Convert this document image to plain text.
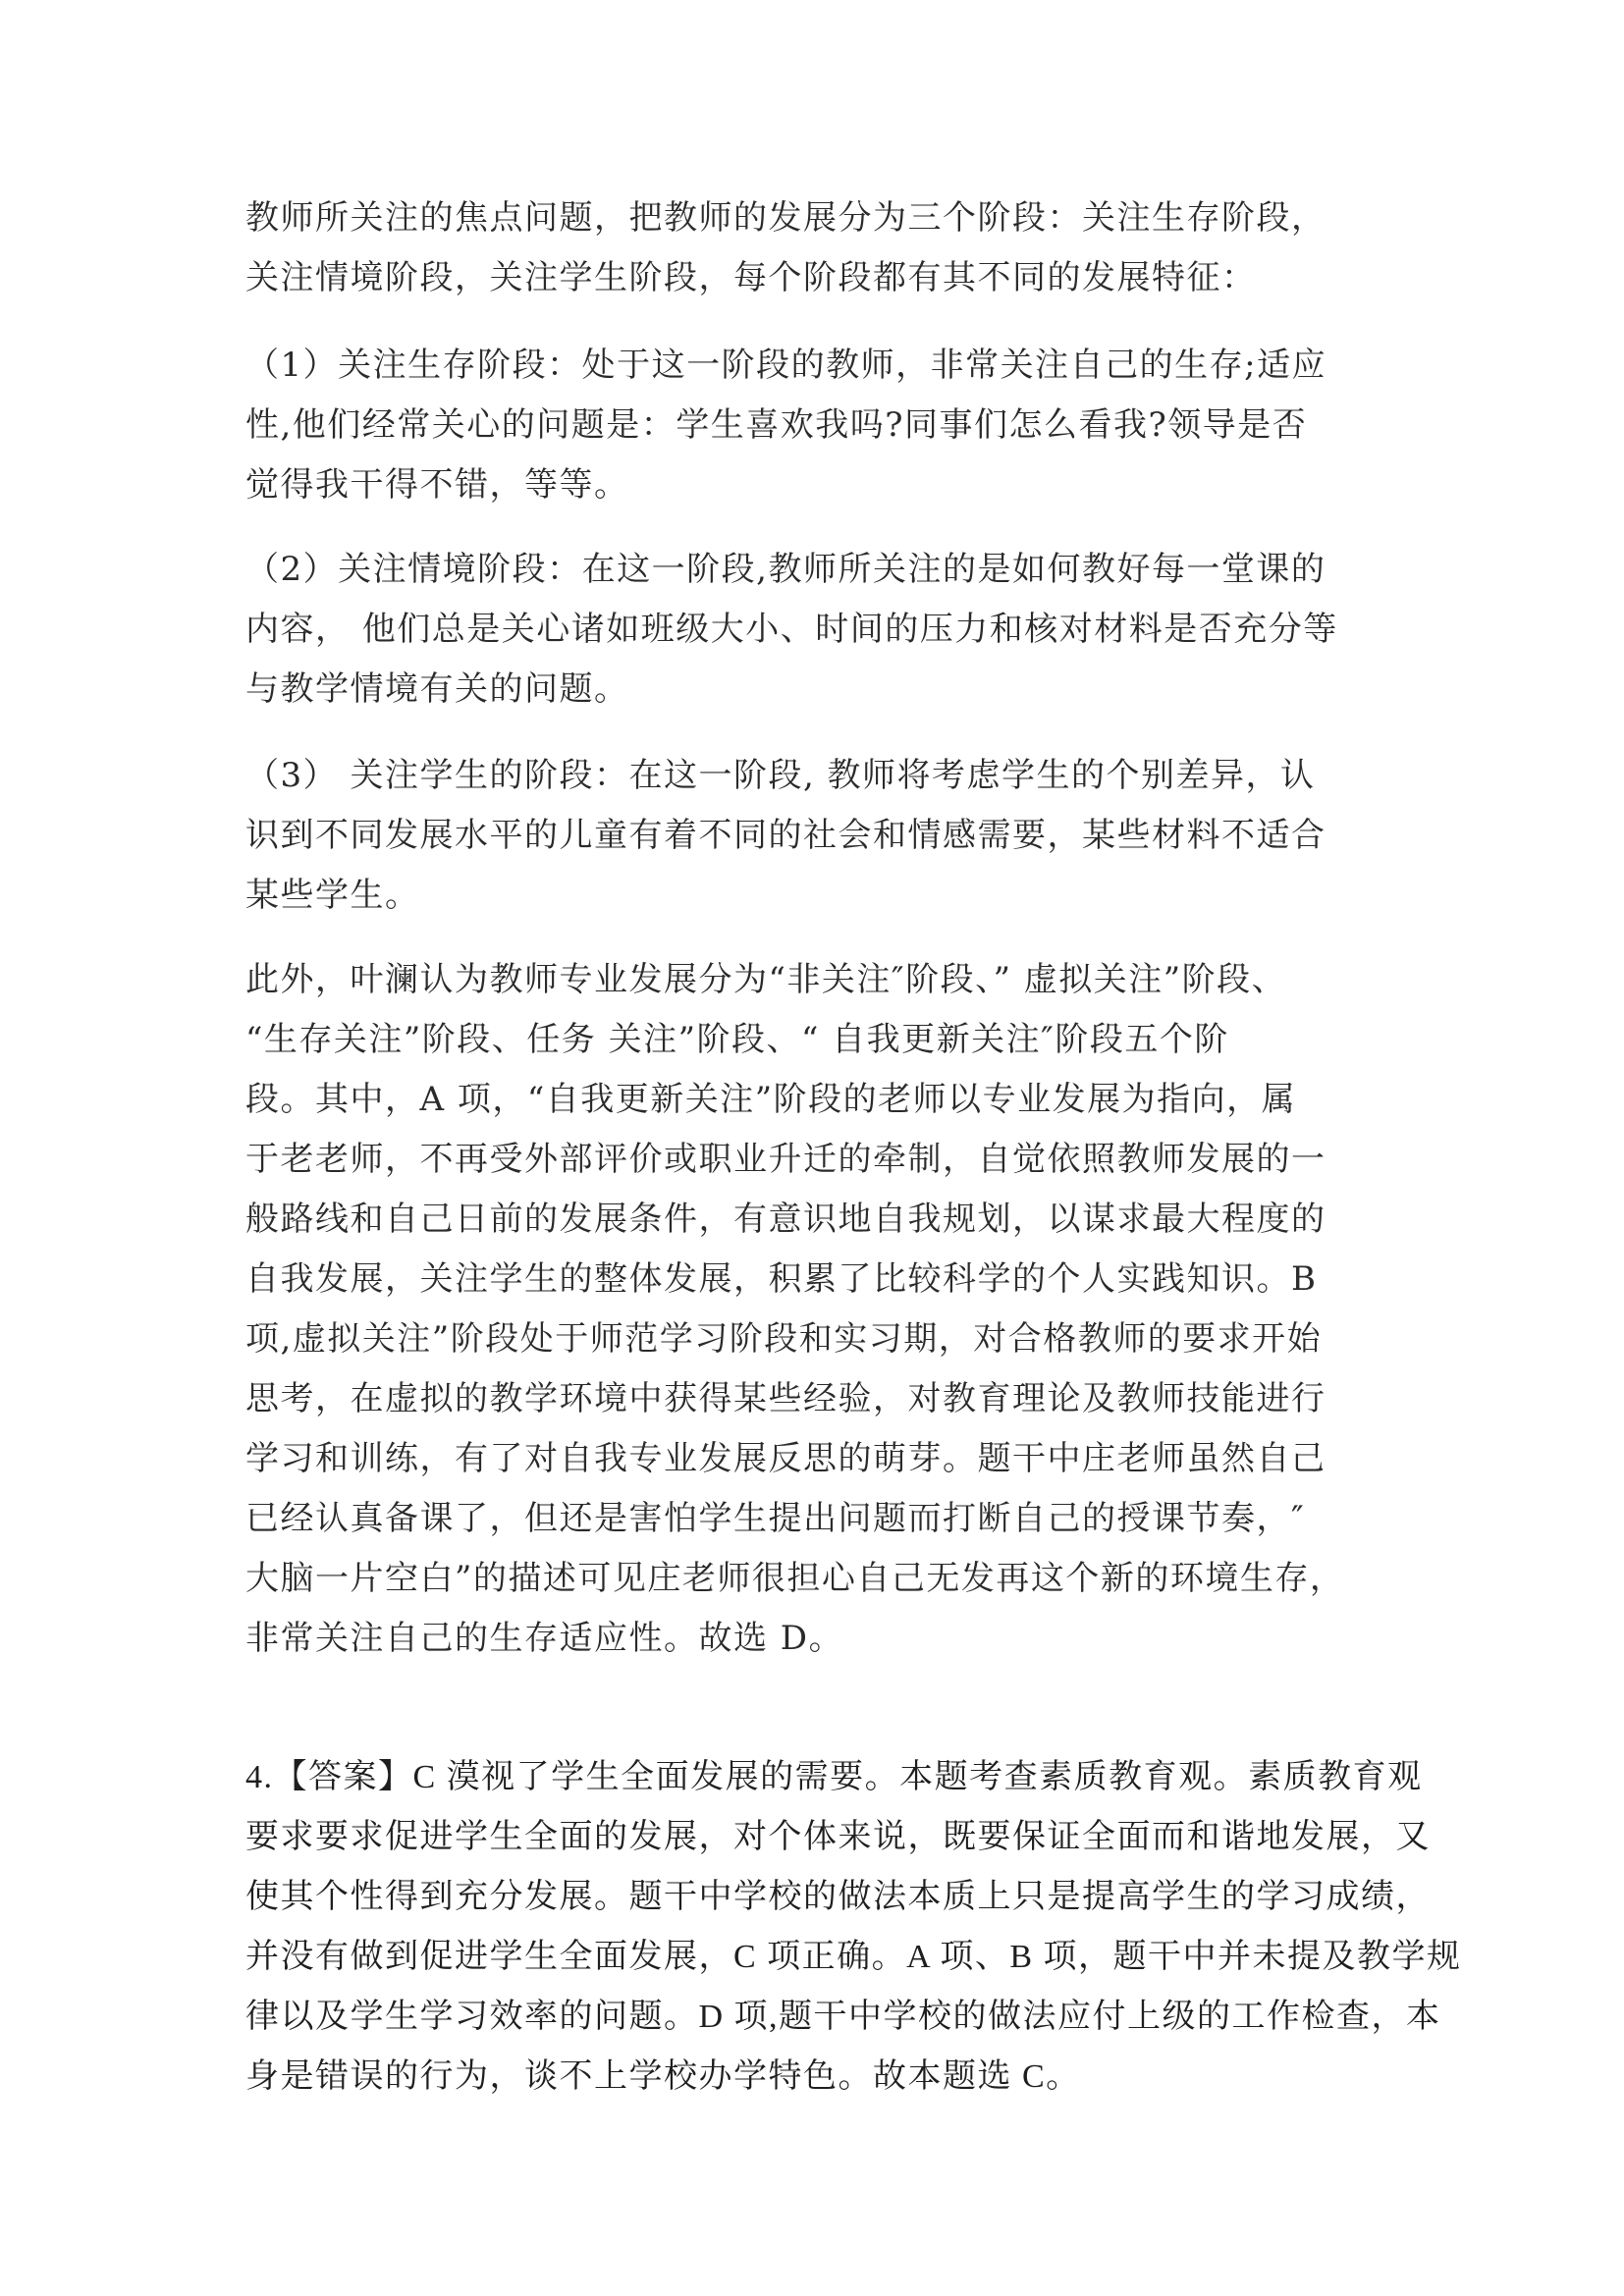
教师所关注的焦点问题，把教师的发展分为三个阶段：关注生存阶段，
关注情境阶段，关注学生阶段，每个阶段都有其不同的发展特征：
（1）关注生存阶段：处于这一阶段的教师，非常关注自己的生存;适应
性,他们经常关心的问题是：学生喜欢我吗?同事们怎么看我?领导是否
觉得我干得不错，等等。
（2）关注情境阶段：在这一阶段,教师所关注的是如何教好每一堂课的
内容， 他们总是关心诸如班级大小、时间的压力和核对材料是否充分等
与教学情境有关的问题。
（3） 关注学生的阶段：在这一阶段, 教师将考虑学生的个别差异，认
识到不同发展水平的儿童有着不同的社会和情感需要，某些材料不适合
某些学生。
此外，叶澜认为教师专业发展分为“非关注″阶段、” 虚拟关注”阶段、
“生存关注”阶段、任务 关注”阶段、“ 自我更新关注″阶段五个阶
段。其中，A 项，“自我更新关注”阶段的老师以专业发展为指向，属
于老老师，不再受外部评价或职业升迁的牵制，自觉依照教师发展的一
般路线和自己日前的发展条件，有意识地自我规划，以谋求最大程度的
自我发展，关注学生的整体发展，积累了比较科学的个人实践知识。B
项,虚拟关注”阶段处于师范学习阶段和实习期，对合格教师的要求开始
思考，在虚拟的教学环境中获得某些经验，对教育理论及教师技能进行
学习和训练，有了对自我专业发展反思的萌芽。题干中庄老师虽然自己
已经认真备课了，但还是害怕学生提出问题而打断自己的授课节奏，″
大脑一片空白”的描述可见庄老师很担心自己无发再这个新的环境生存，
非常关注自己的生存适应性。故选 D。
4.【答案】C 漠视了学生全面发展的需要。本题考查素质教育观。素质教育观
要求要求促进学生全面的发展，对个体来说，既要保证全面而和谐地发展，又
使其个性得到充分发展。题干中学校的做法本质上只是提高学生的学习成绩，
并没有做到促进学生全面发展，C 项正确。A 项、B 项，题干中并未提及教学规
律以及学生学习效率的问题。D 项,题干中学校的做法应付上级的工作检查，本
身是错误的行为，谈不上学校办学特色。故本题选 C。
